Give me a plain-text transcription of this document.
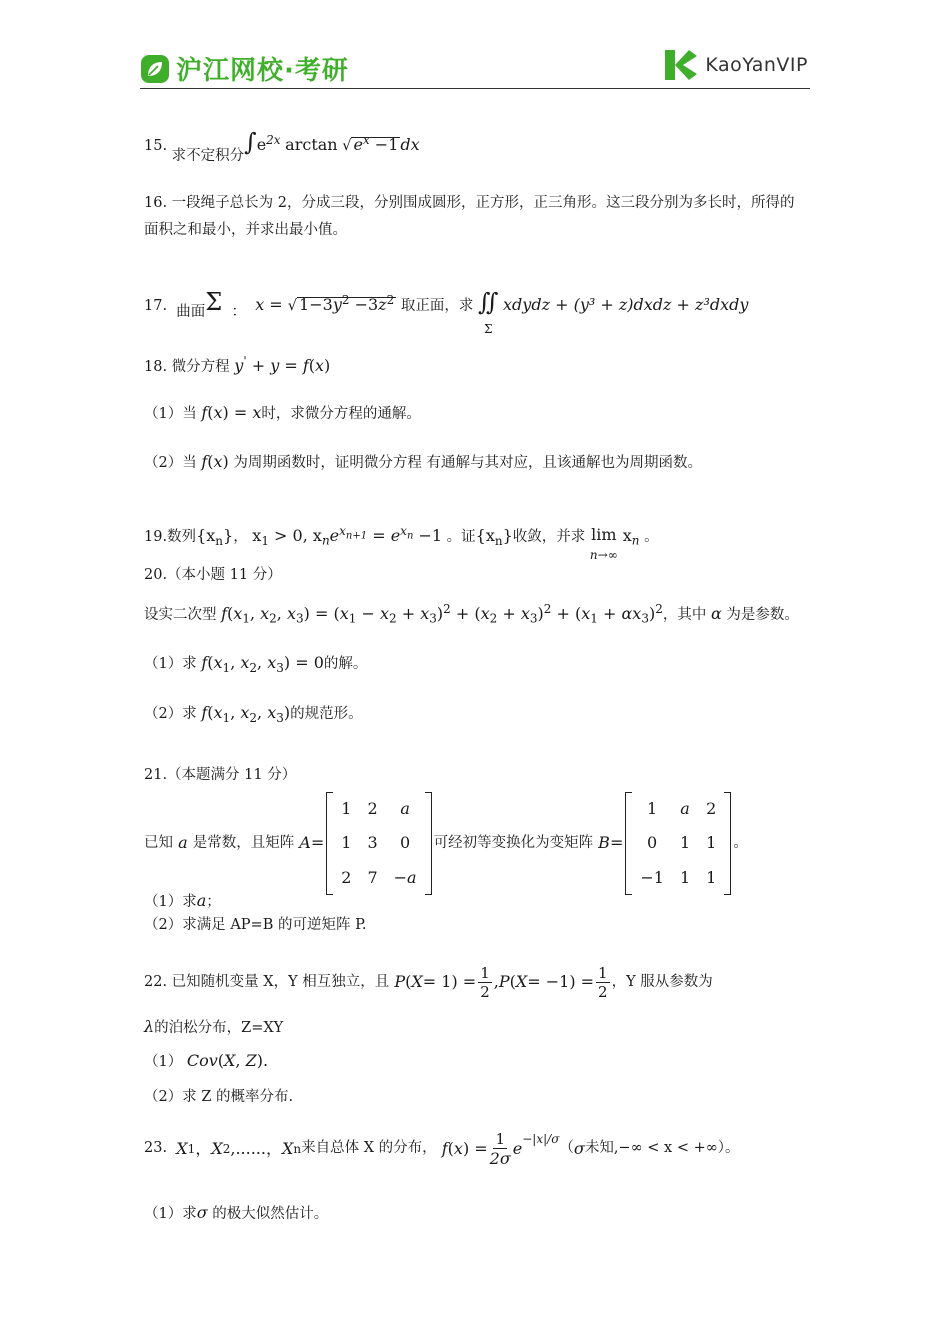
沪江网校·考研	KaoYanVIP
15. 求不定积分$\int e^{2x}$ arctan √ $e^x -1$ dx
16. 一段绳子总长为 2，分成三段，分别围成圆形，正方形，正三角形。这三段分别为多长时，所得的面积之和最小，并求出最小值。
17. 曲面Σ ： x = √ $1-3y^2 -3z^2$ 取正面，求 ∬
Σ
xdydz + (y³ + z)dxdz + z³dxdy
18. 微分方程 y' + y = f(x)
（1）当 f(x) = x时，求微分方程的通解。
（2）当 f(x) 为周期函数时，证明微分方程 有通解与其对应，且该通解也为周期函数。
19.数列$\{x_n\}$， $x_1 > 0$, $x_ne^{x_{n+1}} = e^{x_n} -1$ 。证$\{x_n\}$收敛，并求 lim
n→∞
$x_n$ 。
20.（本小题 11 分）
设实二次型 $f(x_1$, $x_2$, $x_3) = (x_1 - x_2 + x_3)^2 + (x_2 + x_3)^2 + (x_1 + \alpha x_3)^2$，其中 α 为是参数。
（1）求 $f(x_1$, $x_2$, $x_3) = 0$的解。
（2）求 $f(x_1$, $x_2$, $x_3$)的规范形。
21.（本题满分 11 分）
已知 a 是常数，且矩阵 A =
1	2	a
1	3	0
2	7	−a
可经初等变换化为变矩阵 B =
1	a	2
0	1	1
−1	1	1
。
（1）求a；
（2）求满足 AP=B 的可逆矩阵 P.
22. 已知随机变量 X，Y 相互独立，且 P ( $X = 1) = \frac{1}{2}$ , P ( $X = -1) = \frac{1}{2}$ ，Y 服从参数为
λ的泊松分布，Z=XY
（1） Cov(X, Z).
（2）求 Z 的概率分布.
23.
X 1 ， X 2 ,......， X n 来自总体 X 的分布， f ( x ) = $\frac{1}{2\sigma}$ e
$^{-|x|/\sigma}$
（ σ 未知,−∞ < x < +∞）。
（1）求σ 的极大似然估计。
